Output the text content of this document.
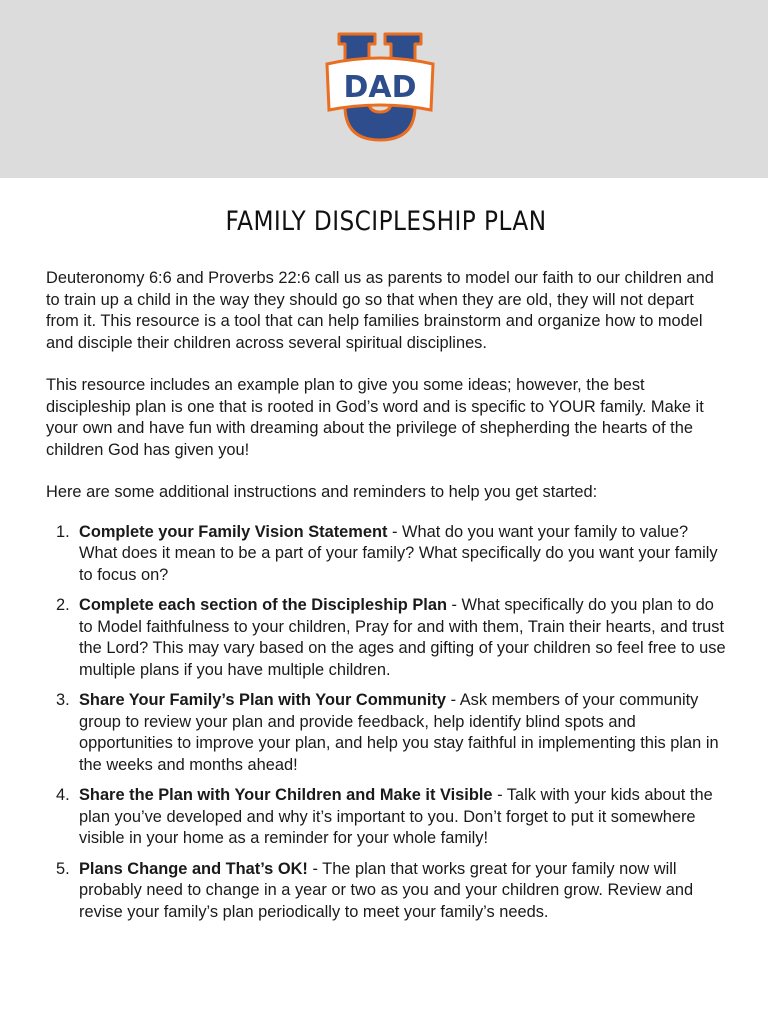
DAD
FAMILY DISCIPLESHIP PLAN

Deuteronomy 6:6 and Proverbs 22:6 call us as parents to model our faith to our children and to train up a child in the way they should go so that when they are old, they will not depart from it. This resource is a tool that can help families brainstorm and organize how to model and disciple their children across several spiritual disciplines.

This resource includes an example plan to give you some ideas; however, the best discipleship plan is one that is rooted in God’s word and is specific to YOUR family. Make it your own and have fun with dreaming about the privilege of shepherding the hearts of the children God has given you!

Here are some additional instructions and reminders to help you get started:

1. Complete your Family Vision Statement - What do you want your family to value? What does it mean to be a part of your family? What specifically do you want your family to focus on?
2. Complete each section of the Discipleship Plan - What specifically do you plan to do to Model faithfulness to your children, Pray for and with them, Train their hearts, and trust the Lord? This may vary based on the ages and gifting of your children so feel free to use multiple plans if you have multiple children.
3. Share Your Family’s Plan with Your Community - Ask members of your community group to review your plan and provide feedback, help identify blind spots and opportunities to improve your plan, and help you stay faithful in implementing this plan in the weeks and months ahead!
4. Share the Plan with Your Children and Make it Visible - Talk with your kids about the plan you’ve developed and why it’s important to you. Don’t forget to put it somewhere visible in your home as a reminder for your whole family!
5. Plans Change and That’s OK! - The plan that works great for your family now will probably need to change in a year or two as you and your children grow. Review and revise your family’s plan periodically to meet your family’s needs.
